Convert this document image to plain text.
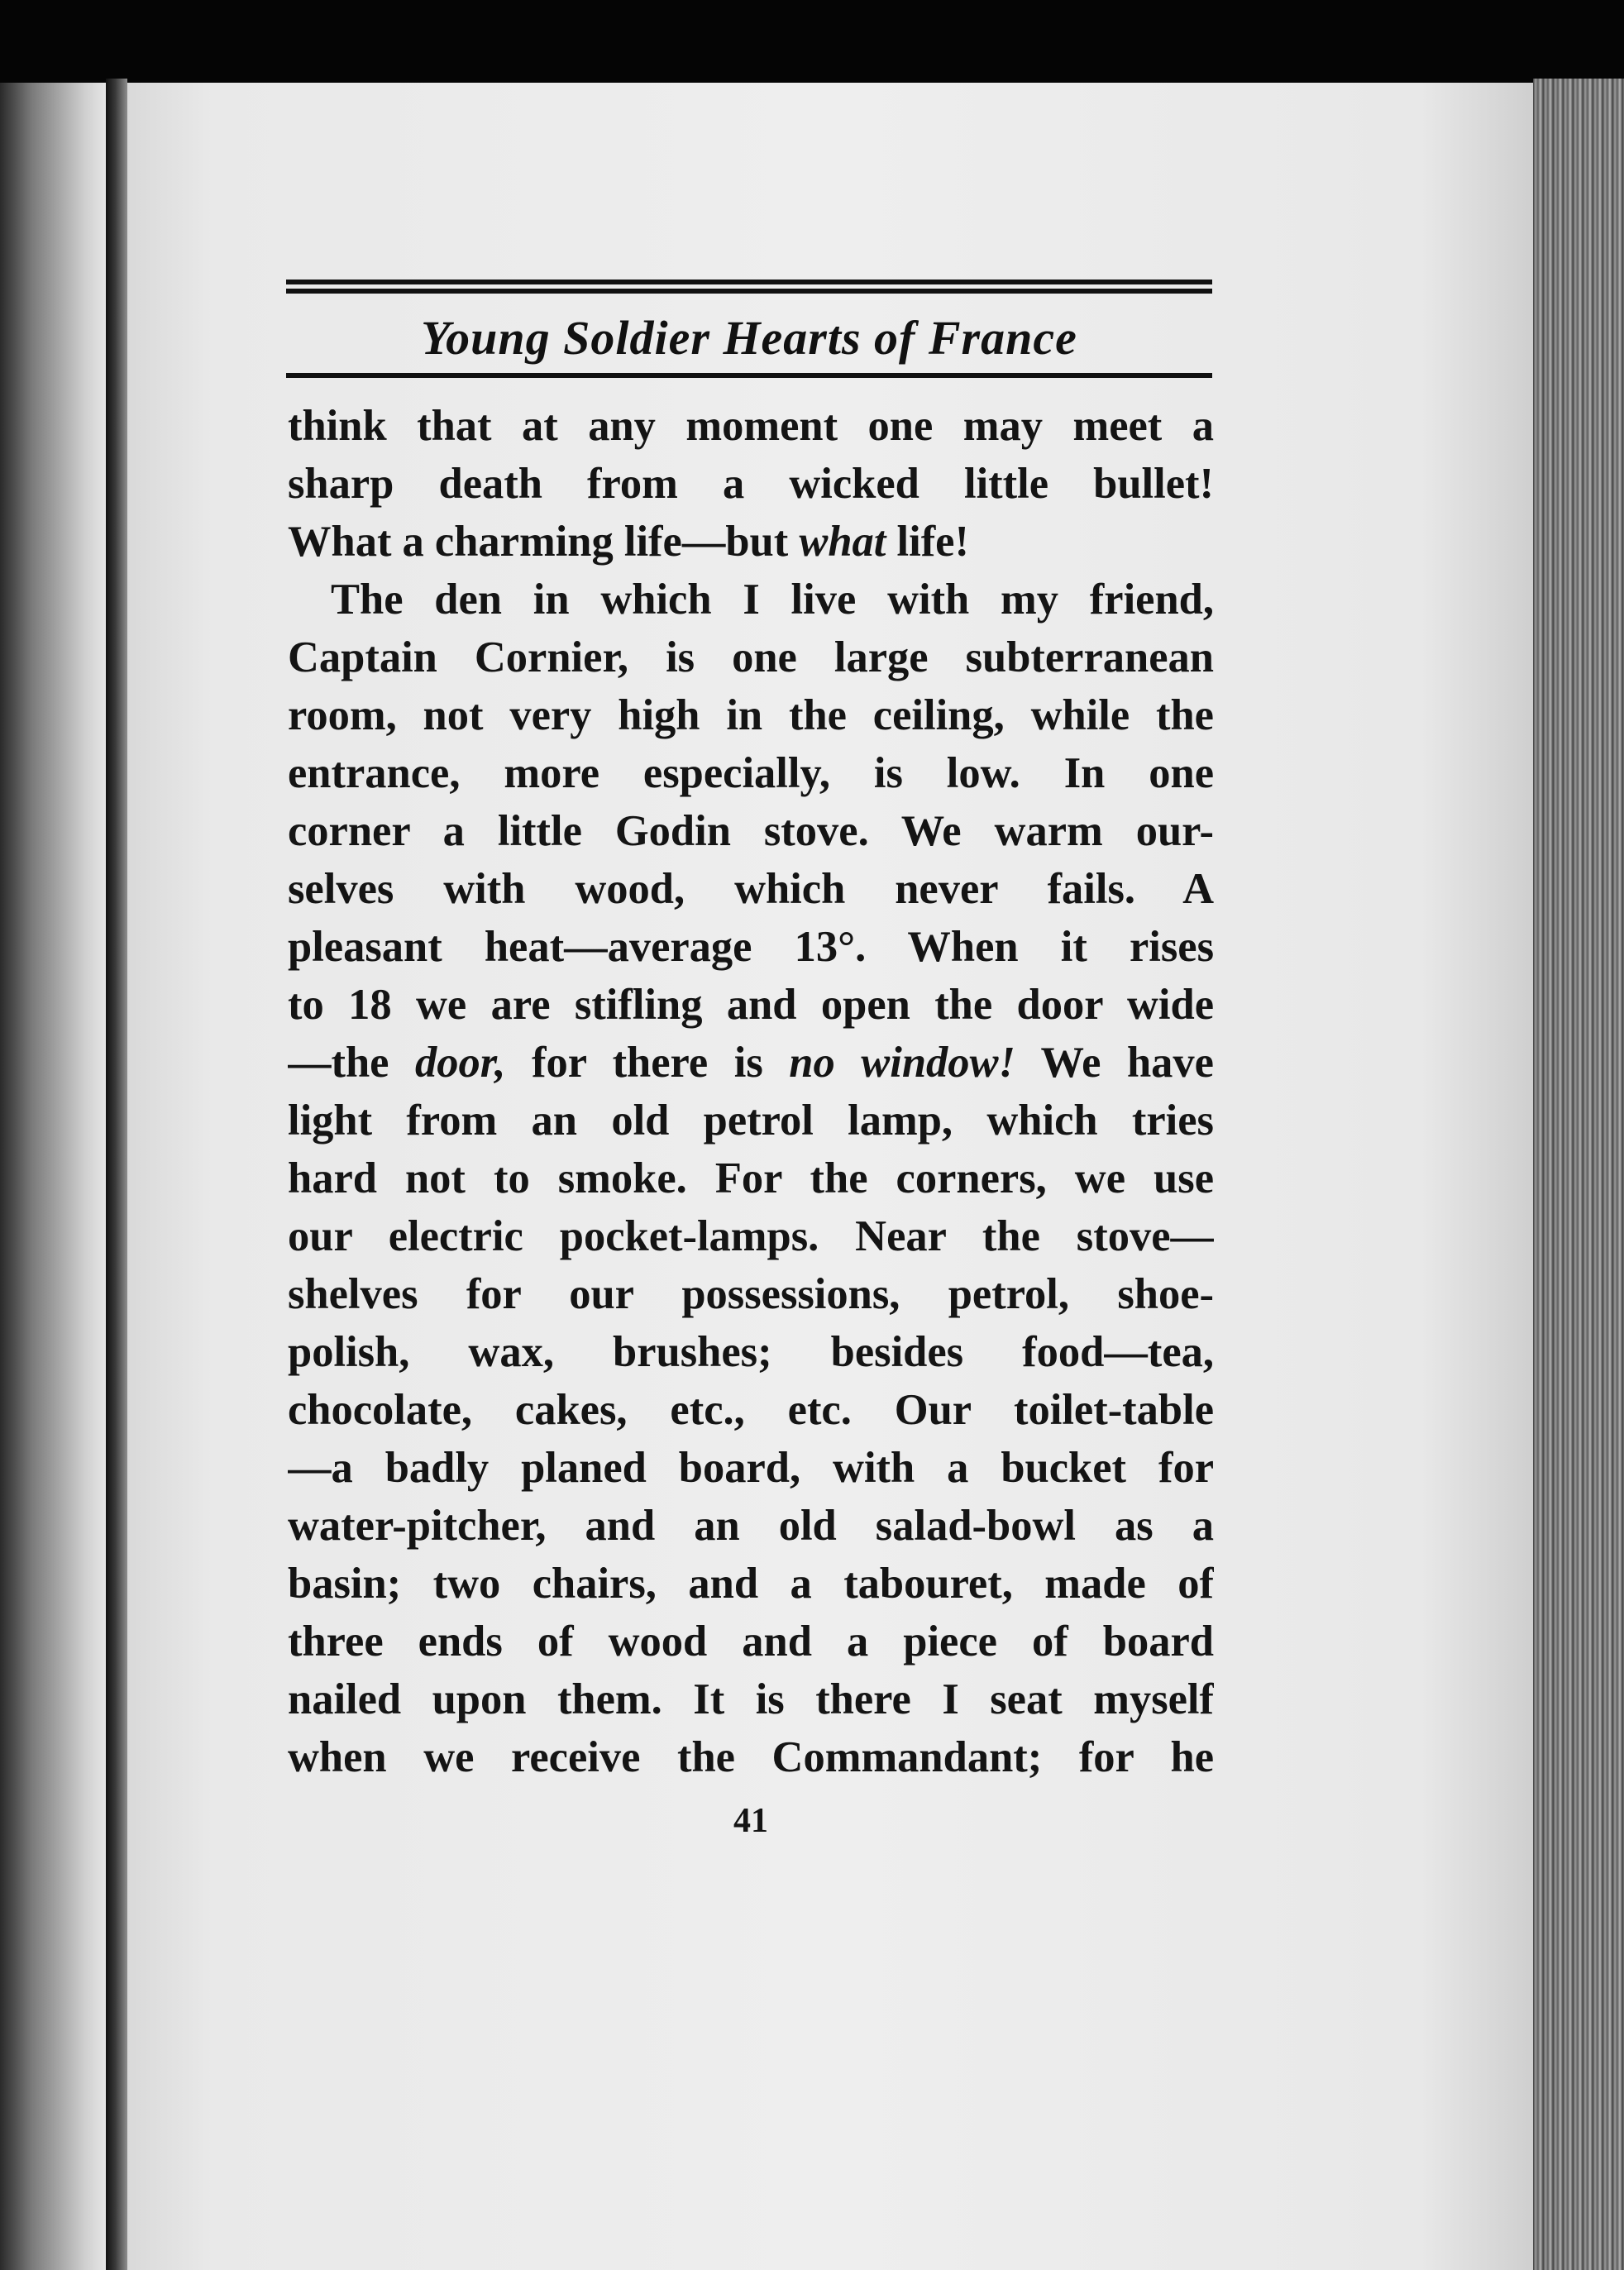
Young Soldier Hearts of France
think that at any moment one may meet a
sharp death from a wicked little bullet!
What a charming life—but what life!
The den in which I live with my friend,
Captain Cornier, is one large subterranean
room, not very high in the ceiling, while the
entrance, more especially, is low. In one
corner a little Godin stove. We warm our-
selves with wood, which never fails. A
pleasant heat—average 13°. When it rises
to 18 we are stifling and open the door wide
—the door, for there is no window! We have
light from an old petrol lamp, which tries
hard not to smoke. For the corners, we use
our electric pocket-lamps. Near the stove—
shelves for our possessions, petrol, shoe-
polish, wax, brushes; besides food—tea,
chocolate, cakes, etc., etc. Our toilet-table
—a badly planed board, with a bucket for
water-pitcher, and an old salad-bowl as a
basin; two chairs, and a tabouret, made of
three ends of wood and a piece of board
nailed upon them. It is there I seat myself
when we receive the Commandant; for he
41
